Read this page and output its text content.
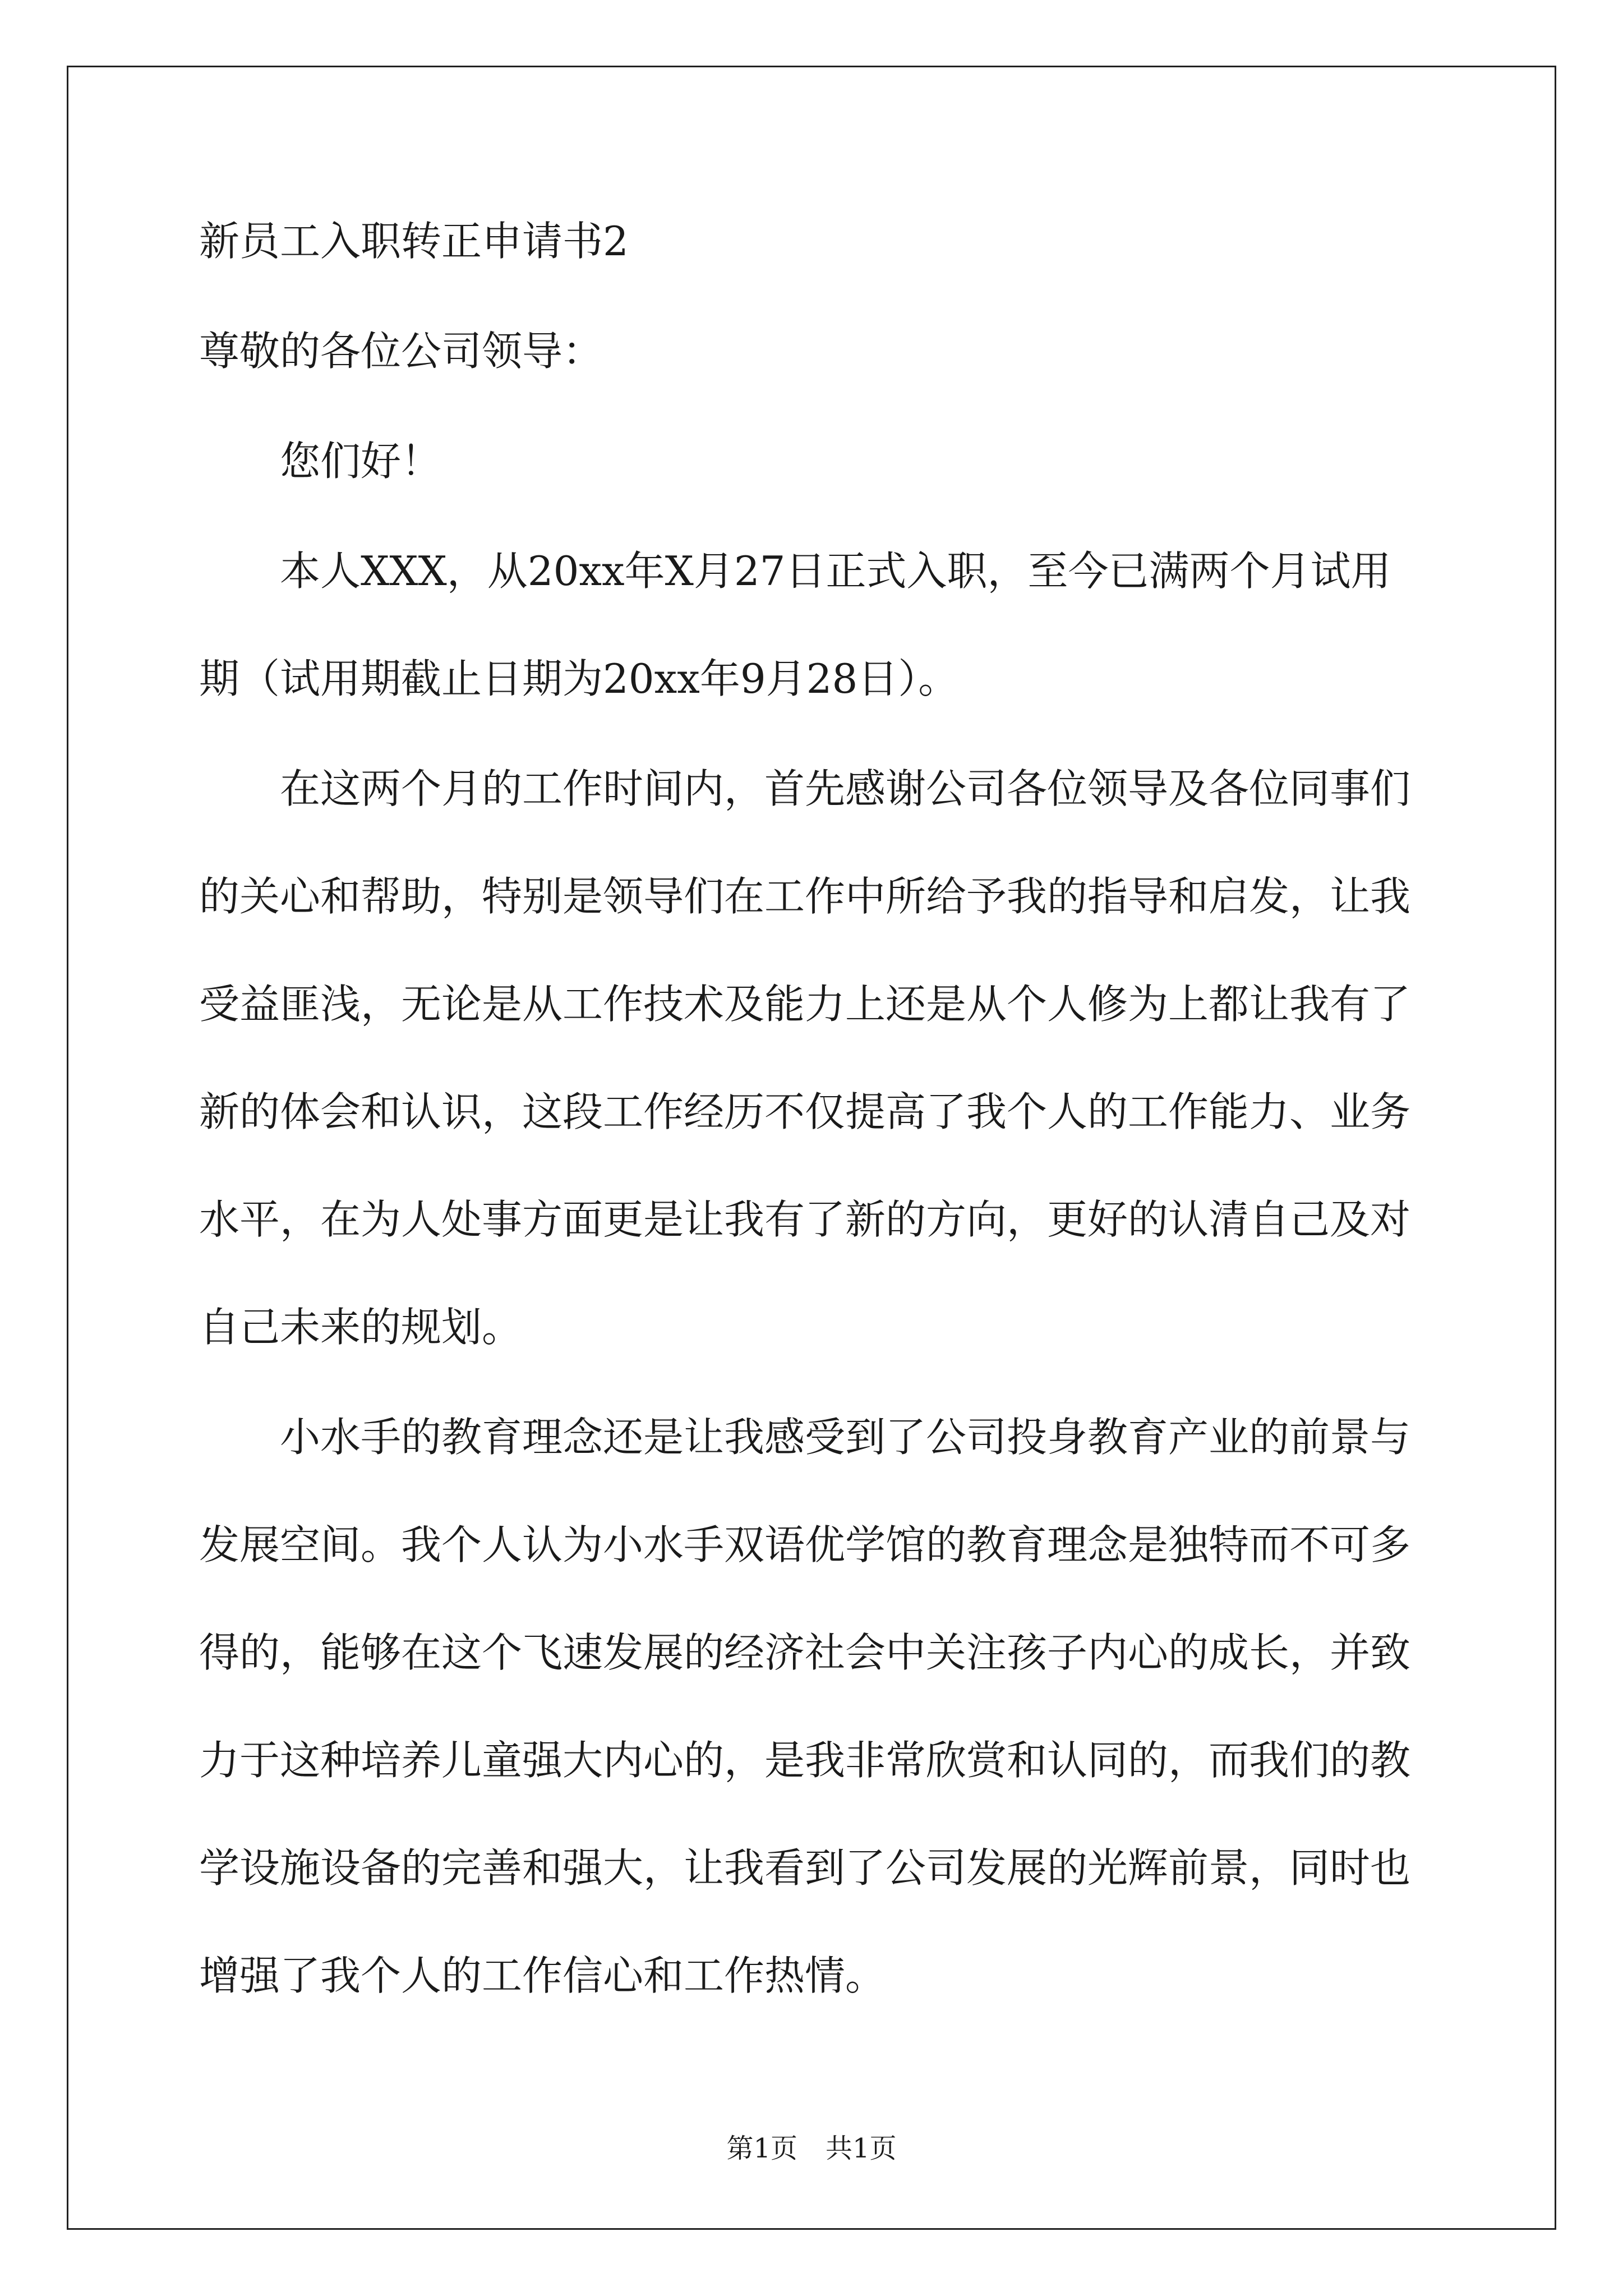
新员工入职转正申请书2

尊敬的各位公司领导：

您们好！

本人XXX，从20xx年X月27日正式入职，至今已满两个月试用
期（试用期截止日期为20xx年9月28日）。

在这两个月的工作时间内，首先感谢公司各位领导及各位同事们
的关心和帮助，特别是领导们在工作中所给予我的指导和启发，让我
受益匪浅，无论是从工作技术及能力上还是从个人修为上都让我有了
新的体会和认识，这段工作经历不仅提高了我个人的工作能力、业务
水平，在为人处事方面更是让我有了新的方向，更好的认清自己及对
自己未来的规划。

小水手的教育理念还是让我感受到了公司投身教育产业的前景与
发展空间。我个人认为小水手双语优学馆的教育理念是独特而不可多
得的，能够在这个飞速发展的经济社会中关注孩子内心的成长，并致
力于这种培养儿童强大内心的，是我非常欣赏和认同的，而我们的教
学设施设备的完善和强大，让我看到了公司发展的光辉前景，同时也
增强了我个人的工作信心和工作热情。

第1页 共1页
